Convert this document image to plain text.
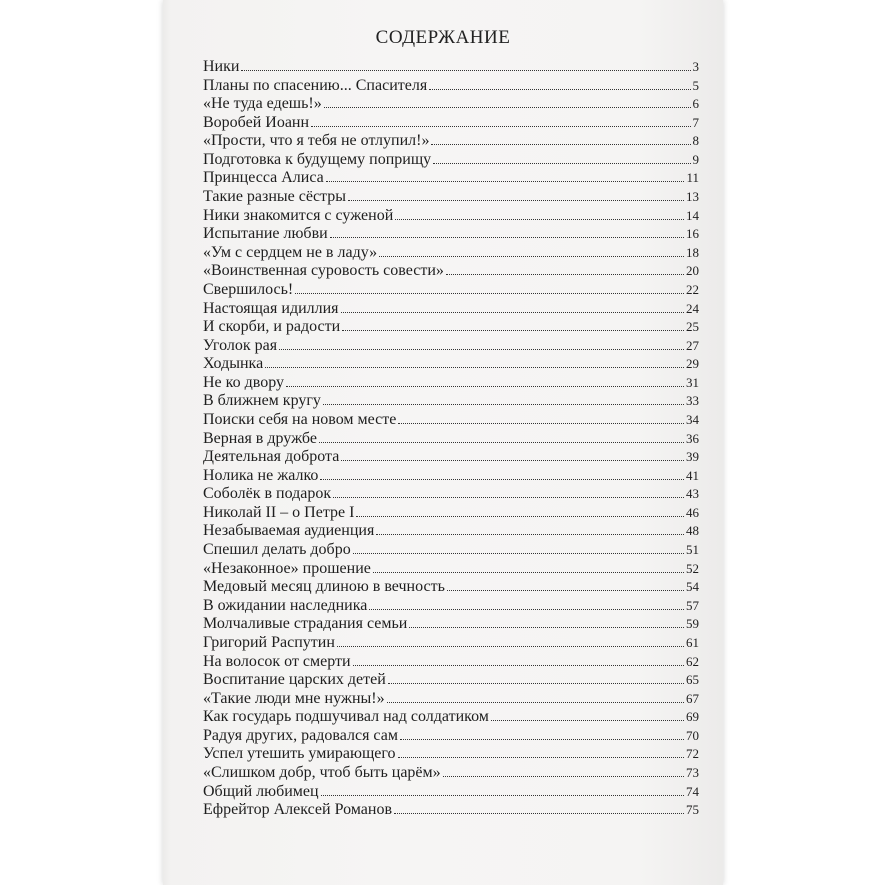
СОДЕРЖАНИЕ
Ники	3
Планы по спасению... Спасителя	5
«Не туда едешь!»	6
Воробей Иоанн	7
«Прости, что я тебя не отлупил!»	8
Подготовка к будущему поприщу	9
Принцесса Алиса	11
Такие разные сёстры	13
Ники знакомится с суженой	14
Испытание любви	16
«Ум с сердцем не в ладу»	18
«Воинственная суровость совести»	20
Свершилось!	22
Настоящая идиллия	24
И скорби, и радости	25
Уголок рая	27
Ходынка	29
Не ко двору	31
В ближнем кругу	33
Поиски себя на новом месте	34
Верная в дружбе	36
Деятельная доброта	39
Нолика не жалко	41
Соболёк в подарок	43
Николай II – о Петре I	46
Незабываемая аудиенция	48
Спешил делать добро	51
«Незаконное» прошение	52
Медовый месяц длиною в вечность	54
В ожидании наследника	57
Молчаливые страдания семьи	59
Григорий Распутин	61
На волосок от смерти	62
Воспитание царских детей	65
«Такие люди мне нужны!»	67
Как государь подшучивал над солдатиком	69
Радуя других, радовался сам	70
Успел утешить умирающего	72
«Слишком добр, чтоб быть царём»	73
Общий любимец	74
Ефрейтор Алексей Романов	75
